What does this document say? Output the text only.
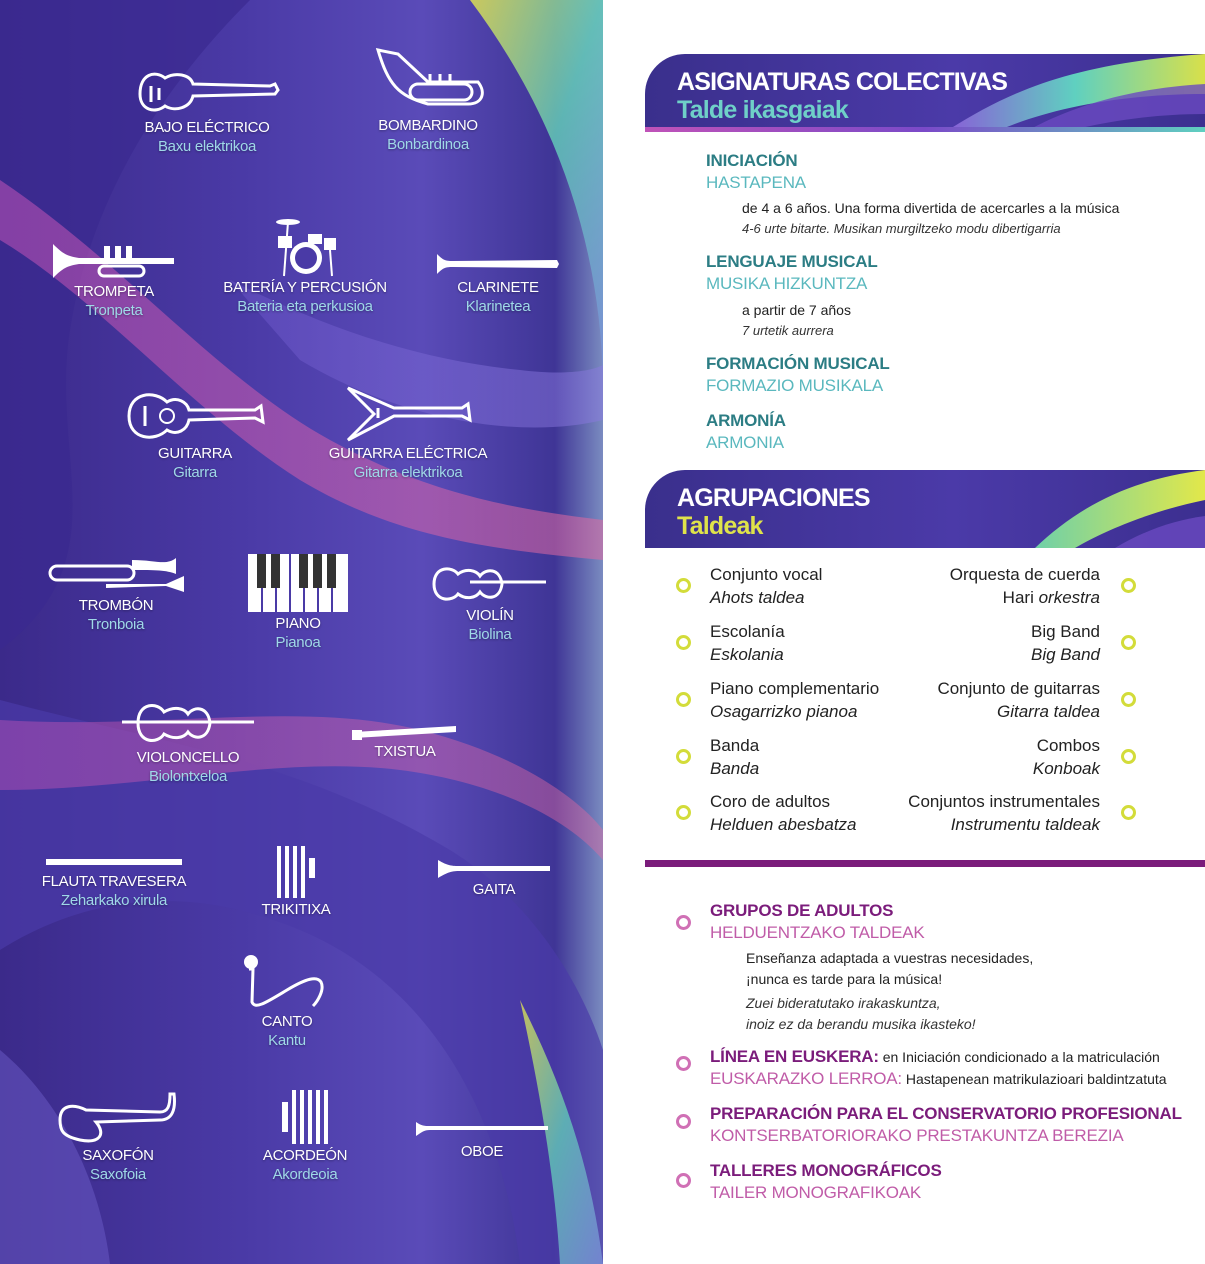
BAJO ELÉCTRICO
Baxu elektrikoa
BOMBARDINO
Bonbardinoa
TROMPETA
Tronpeta
BATERÍA Y PERCUSIÓN
Bateria eta perkusioa
CLARINETE
Klarinetea
GUITARRA
Gitarra
GUITARRA ELÉCTRICA
Gitarra elektrikoa
TROMBÓN
Tronboia	PIANO
Pianoa
VIOLÍN
Biolina
VIOLONCELLO
Biolontxeloa
TXISTUA
FLAUTA TRAVESERA
Zeharkako xirula
TRIKITIXA
GAITA
CANTO
Kantu
SAXOFÓN
Saxofoia
ACORDEÓN
Akordeoia
OBOE
ASIGNATURAS COLECTIVAS
Talde ikasgaiak
INICIACIÓN
HASTAPENA
de 4 a 6 años. Una forma divertida de acercarles a la música
4-6 urte bitarte. Musikan murgiltzeko modu dibertigarria
LENGUAJE MUSICAL
MUSIKA HIZKUNTZA
a partir de 7 años
7 urtetik aurrera
FORMACIÓN MUSICAL
FORMAZIO MUSIKALA
ARMONÍA
ARMONIA
AGRUPACIONES
Taldeak
Conjunto vocal
Ahots taldea
Escolanía
Eskolania
Piano complementario
Osagarrizko pianoa
Banda
Banda
Coro de adultos
Helduen abesbatza
Orquesta de cuerda
Hari orkestra
Big Band
Big Band
Conjunto de guitarras
Gitarra taldea
Combos
Konboak
Conjuntos instrumentales
Instrumentu taldeak
GRUPOS DE ADULTOS
HELDUENTZAKO TALDEAK
Enseñanza adaptada a vuestras necesidades,
¡nunca es tarde para la música!
Zuei bideratutako irakaskuntza,
inoiz ez da berandu musika ikasteko!
LÍNEA EN EUSKERA: en Iniciación condicionado a la matriculación
EUSKARAZKO LERROA: Hastapenean matrikulazioari baldintzatuta
PREPARACIÓN PARA EL CONSERVATORIO PROFESIONAL
KONTSERBATORIORAKO PRESTAKUNTZA BEREZIA
TALLERES MONOGRÁFICOS
TAILER MONOGRAFIKOAK
